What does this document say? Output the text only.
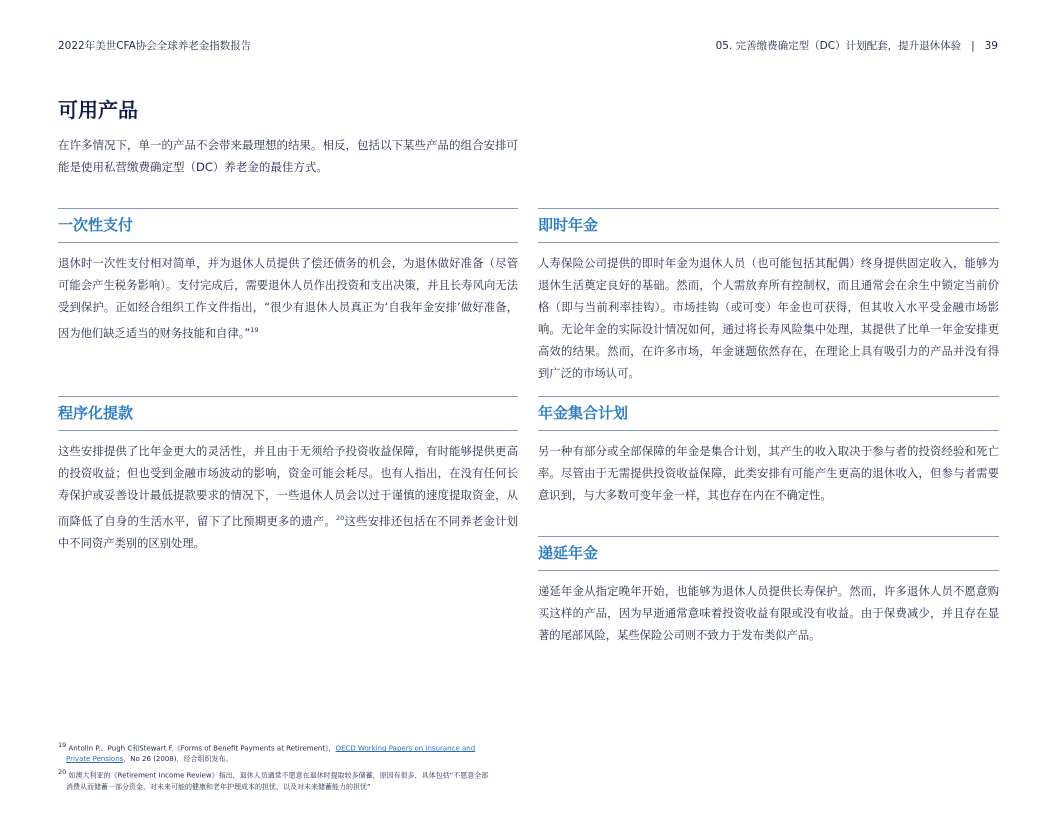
2022年美世CFA协会全球养老金指数报告	05. 完善缴费确定型（DC）计划配套，提升退休体验 | 39
可用产品
在许多情况下，单一的产品不会带来最理想的结果。相反，包括以下某些产品的组合安排可能是使用私营缴费确定型（DC）养老金的最佳方式。
一次性支付

退休时一次性支付相对简单，并为退休人员提供了偿还债务的机会，为退休做好准备（尽管可能会产生税务影响）。支付完成后，需要退休人员作出投资和支出决策，并且长寿风向无法受到保护。正如经合组织工作文件指出，“很少有退休人员真正为‘自我年金安排’做好准备，因为他们缺乏适当的财务技能和自律。”$^{19}$

程序化提款

这些安排提供了比年金更大的灵活性，并且由于无须给予投资收益保障，有时能够提供更高的投资收益；但也受到金融市场波动的影响，资金可能会耗尽。也有人指出，在没有任何长寿保护或妥善设计最低提款要求的情况下，一些退休人员会以过于谨慎的速度提取资金，从而降低了自身的生活水平，留下了比预期更多的遗产。$^{20}$这些安排还包括在不同养老金计划中不同资产类别的区别处理。

即时年金

人寿保险公司提供的即时年金为退休人员（也可能包括其配偶）终身提供固定收入，能够为退休生活奠定良好的基础。然而，个人需放弃所有控制权，而且通常会在余生中锁定当前价格（即与当前利率挂钩）。市场挂钩（或可变）年金也可获得，但其收入水平受金融市场影响。无论年金的实际设计情况如何，通过将长寿风险集中处理，其提供了比单一年金安排更高效的结果。然而，在许多市场，年金谜题依然存在，在理论上具有吸引力的产品并没有得到广泛的市场认可。

年金集合计划

另一种有部分或全部保障的年金是集合计划，其产生的收入取决于参与者的投资经验和死亡率。尽管由于无需提供投资收益保障，此类安排有可能产生更高的退休收入，但参与者需要意识到，与大多数可变年金一样，其也存在内在不确定性。

递延年金

递延年金从指定晚年开始，也能够为退休人员提供长寿保护。然而，许多退休人员不愿意购买这样的产品，因为早逝通常意味着投资收益有限或没有收益。由于保费减少，并且存在显著的尾部风险，某些保险公司则不致力于发布类似产品。

19 Antolin P.、Pugh C和Stewart F.《Forms of Benefit Payments at Retirement》，OECD Working Papers on Insurance and
Private Pensions，No 26 (2008)，经合组织发布。
20 如澳大利亚的《Retirement Income Review》指出，退休人员通常不愿意在退休时提取较多储蓄，原因有很多，具体包括“不愿意全部
消费从而储蓄一部分资金、对未来可能的健康和老年护理成本的担忧，以及对未来储蓄能力的担忧”
